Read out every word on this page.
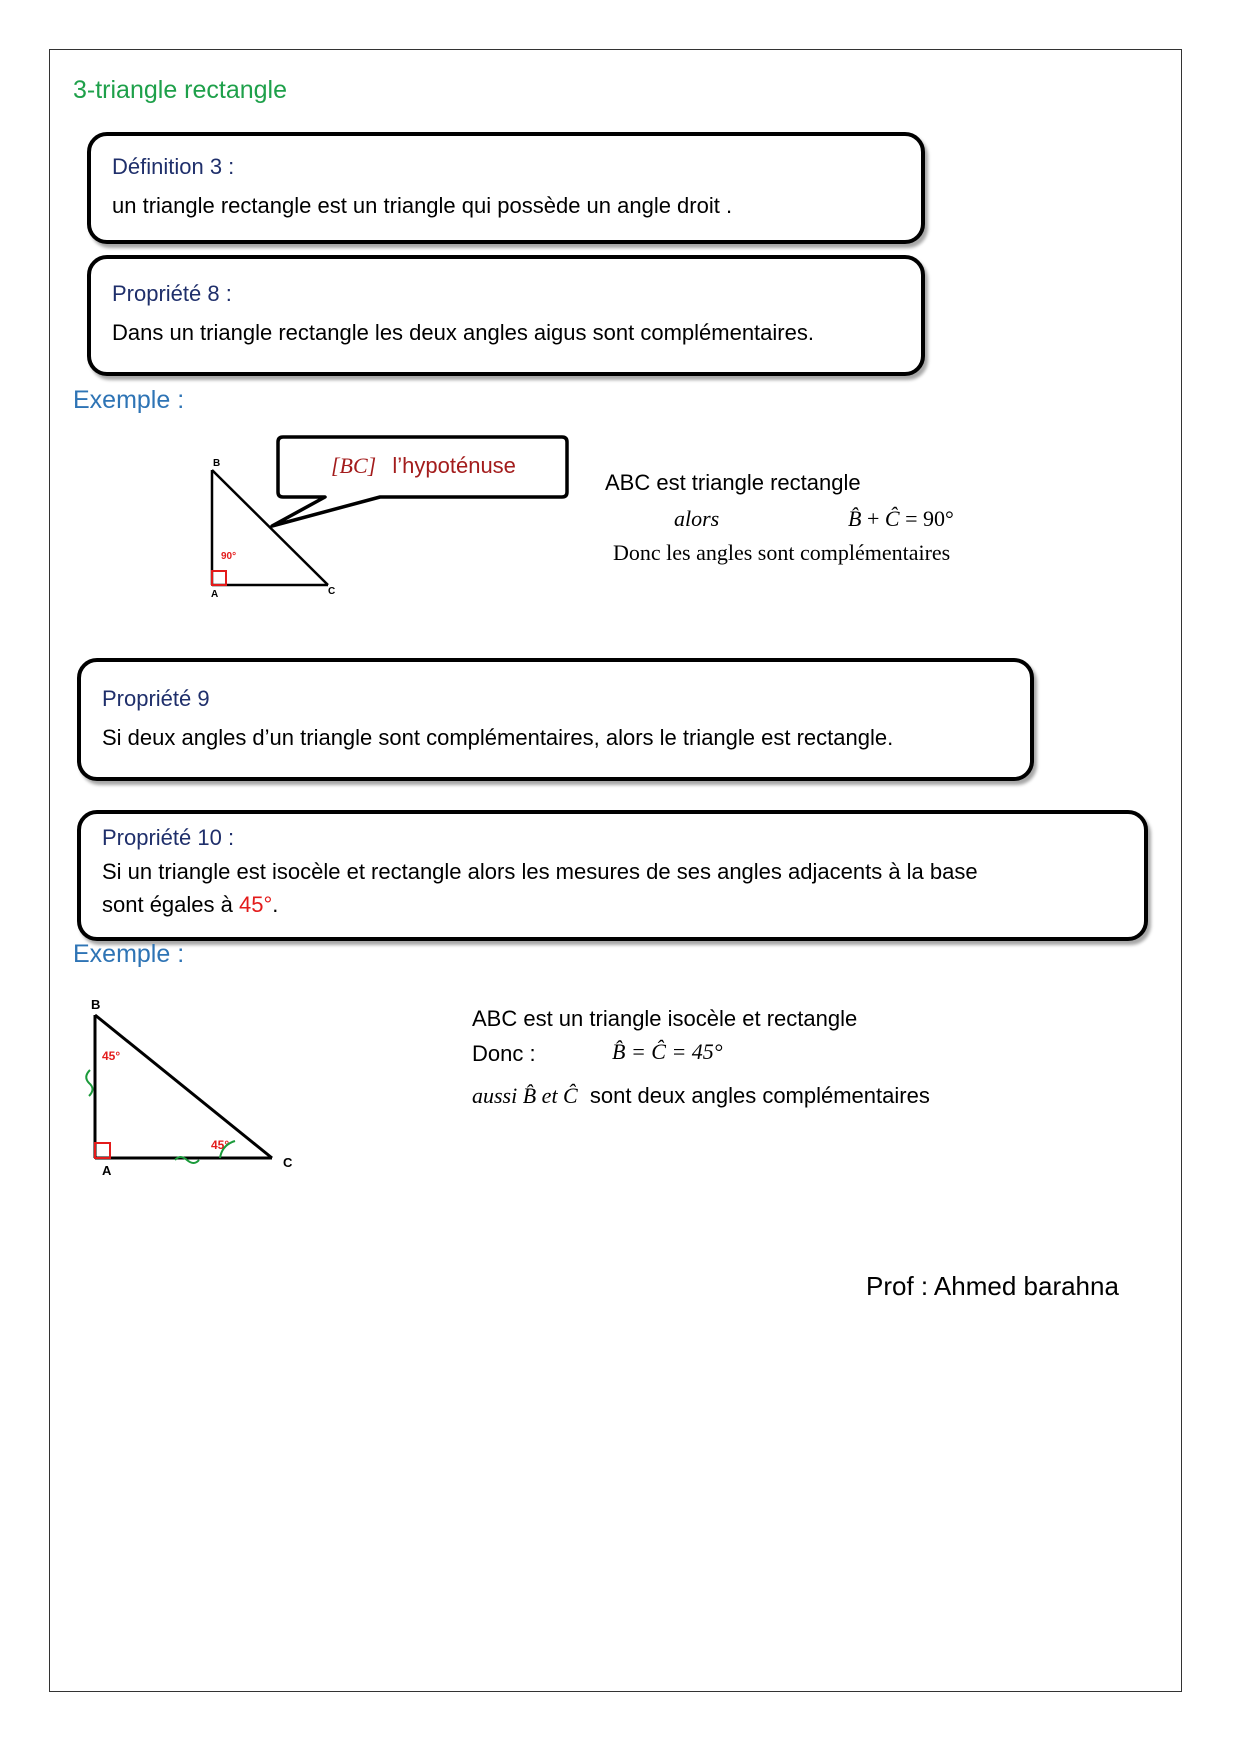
3-triangle rectangle
Définition 3 :
un triangle rectangle est un triangle qui possède un angle droit .
Propriété 8 :
Dans un triangle rectangle les deux angles aigus sont complémentaires.
Exemple :
B
A	C
90°
[BC] l’hypoténuse
ABC est triangle rectangle
alors	B̂ + Ĉ = 90°
Donc les angles sont complémentaires
Propriété 9
Si deux angles d’un triangle sont complémentaires, alors le triangle est rectangle.
Propriété 10 :
Si un triangle est isocèle et rectangle alors les mesures de ses angles adjacents à la base
sont égales à 45°.
Exemple :
B
A
C
45°
45°
ABC est un triangle isocèle et rectangle
Donc :	B̂ = Ĉ = 45°
aussi B̂ et Ĉ sont deux angles complémentaires
Prof : Ahmed barahna
